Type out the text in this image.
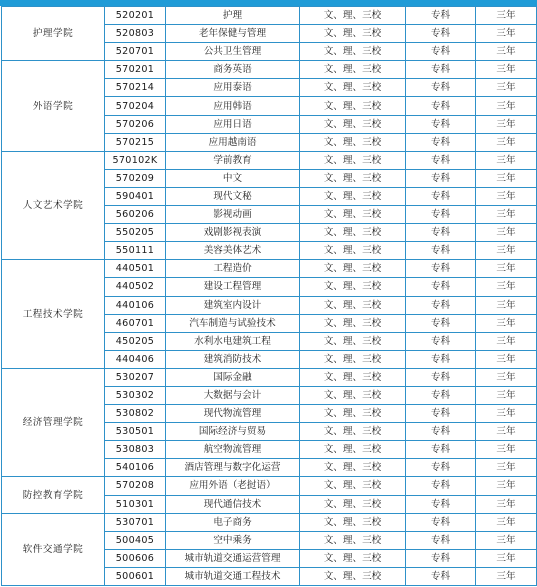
护理学院	520201	护理	文、理、三校	专科	三年
	520803	老年保健与管理	文、理、三校	专科	三年
	520701	公共卫生管理	文、理、三校	专科	三年
外语学院	570201	商务英语	文、理、三校	专科	三年
	570214	应用泰语	文、理、三校	专科	三年
	570204	应用韩语	文、理、三校	专科	三年
	570206	应用日语	文、理、三校	专科	三年
	570215	应用越南语	文、理、三校	专科	三年
人文艺术学院	570102K	学前教育	文、理、三校	专科	三年
	570209	中文	文、理、三校	专科	三年
	590401	现代文秘	文、理、三校	专科	三年
	560206	影视动画	文、理、三校	专科	三年
	550205	戏剧影视表演	文、理、三校	专科	三年
	550111	美容美体艺术	文、理、三校	专科	三年
工程技术学院	440501	工程造价	文、理、三校	专科	三年
	440502	建设工程管理	文、理、三校	专科	三年
	440106	建筑室内设计	文、理、三校	专科	三年
	460701	汽车制造与试验技术	文、理、三校	专科	三年
	450205	水利水电建筑工程	文、理、三校	专科	三年
	440406	建筑消防技术	文、理、三校	专科	三年
经济管理学院	530207	国际金融	文、理、三校	专科	三年
	530302	大数据与会计	文、理、三校	专科	三年
	530802	现代物流管理	文、理、三校	专科	三年
	530501	国际经济与贸易	文、理、三校	专科	三年
	530803	航空物流管理	文、理、三校	专科	三年
	540106	酒店管理与数字化运营	文、理、三校	专科	三年
防控教育学院	570208	应用外语（老挝语）	文、理、三校	专科	三年
	510301	现代通信技术	文、理、三校	专科	三年
软件交通学院	530701	电子商务	文、理、三校	专科	三年
	500405	空中乘务	文、理、三校	专科	三年
	500606	城市轨道交通运营管理	文、理、三校	专科	三年
	500601	城市轨道交通工程技术	文、理、三校	专科	三年
